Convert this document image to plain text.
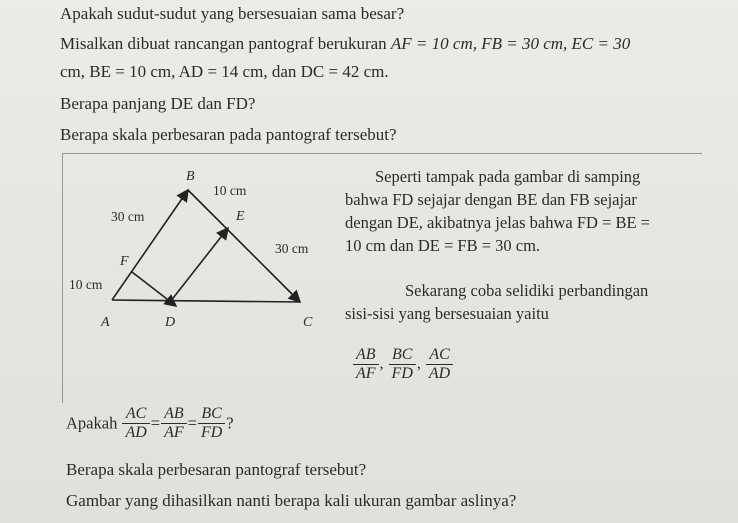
Apakah sudut-sudut yang bersesuaian sama besar?
Misalkan dibuat rancangan pantograf berukuran AF = 10 cm, FB = 30 cm, EC = 30
cm, BE = 10 cm, AD = 14 cm, dan DC = 42 cm.
Berapa panjang DE dan FD?
Berapa skala perbesaran pada pantograf tersebut?
B
E
F
A	D	C
30 cm
10 cm
10 cm
30 cm
Seperti tampak pada gambar di samping
bahwa FD sejajar dengan BE dan FB sejajar
dengan DE, akibatnya jelas bahwa FD = BE =
10 cm dan DE = FB = 30 cm.
Sekarang coba selidiki perbandingan
sisi-sisi yang bersesuaian yaitu
$\frac{AB}{AF}$ , $\frac{BC}{FD}$ , $\frac{AC}{AD}$
Apakah $\frac{AC}{AD} = \frac{AB}{AF} = \frac{BC}{FD}$ ?
Berapa skala perbesaran pantograf tersebut?
Gambar yang dihasilkan nanti berapa kali ukuran gambar aslinya?
